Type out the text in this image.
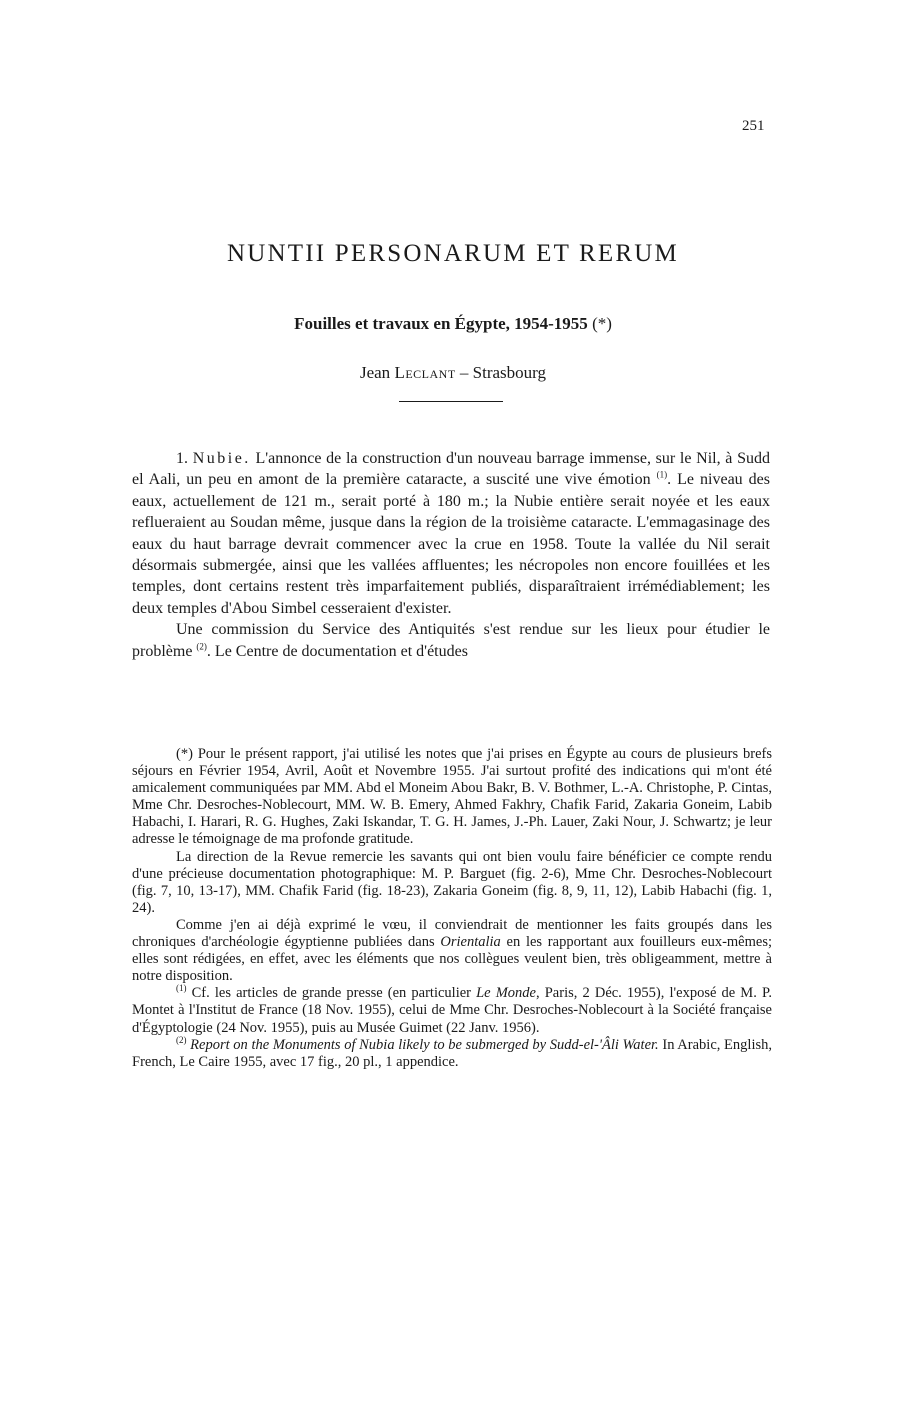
251
NUNTII PERSONARUM ET RERUM
Fouilles et travaux en Égypte, 1954-1955 (*)
Jean Leclant – Strasbourg

1. Nubie. L'annonce de la construction d'un nouveau barrage immense, sur le Nil, à Sudd el Aali, un peu en amont de la première cataracte, a suscité une vive émotion $^{(1)}$. Le niveau des eaux, actuellement de 121 m., serait porté à 180 m.; la Nubie entière serait noyée et les eaux reflueraient au Soudan même, jusque dans la région de la troisième cataracte. L'emmagasinage des eaux du haut barrage devrait commencer avec la crue en 1958. Toute la vallée du Nil serait désormais submergée, ainsi que les vallées affluentes; les nécropoles non encore fouillées et les temples, dont certains restent très imparfaitement publiés, disparaîtraient irrémédiablement; les deux temples d'Abou Simbel cesseraient d'exister.

Une commission du Service des Antiquités s'est rendue sur les lieux pour étudier le problème $^{(2)}$. Le Centre de documentation et d'études

(*) Pour le présent rapport, j'ai utilisé les notes que j'ai prises en Égypte au cours de plusieurs brefs séjours en Février 1954, Avril, Août et Novembre 1955. J'ai surtout profité des indications qui m'ont été amicalement communiquées par MM. Abd el Moneim Abou Bakr, B. V. Bothmer, L.-A. Christophe, P. Cintas, Mme Chr. Desroches-Noblecourt, MM. W. B. Emery, Ahmed Fakhry, Chafik Farid, Zakaria Goneim, Labib Habachi, I. Harari, R. G. Hughes, Zaki Iskandar, T. G. H. James, J.-Ph. Lauer, Zaki Nour, J. Schwartz; je leur adresse le témoignage de ma profonde gratitude.

La direction de la Revue remercie les savants qui ont bien voulu faire bénéficier ce compte rendu d'une précieuse documentation photographique: M. P. Barguet (fig. 2-6), Mme Chr. Desroches-Noblecourt (fig. 7, 10, 13-17), MM. Chafik Farid (fig. 18-23), Zakaria Goneim (fig. 8, 9, 11, 12), Labib Habachi (fig. 1, 24).

Comme j'en ai déjà exprimé le vœu, il conviendrait de mentionner les faits groupés dans les chroniques d'archéologie égyptienne publiées dans Orientalia en les rapportant aux fouilleurs eux-mêmes; elles sont rédigées, en effet, avec les éléments que nos collègues veulent bien, très obligeamment, mettre à notre disposition.

$^{(1)}$ Cf. les articles de grande presse (en particulier Le Monde, Paris, 2 Déc. 1955), l'exposé de M. P. Montet à l'Institut de France (18 Nov. 1955), celui de Mme Chr. Desroches-Noblecourt à la Société française d'Égyptologie (24 Nov. 1955), puis au Musée Guimet (22 Janv. 1956).

$^{(2)}$ Report on the Monuments of Nubia likely to be submerged by Sudd-el-'Âli Water. In Arabic, English, French, Le Caire 1955, avec 17 fig., 20 pl., 1 appendice.
